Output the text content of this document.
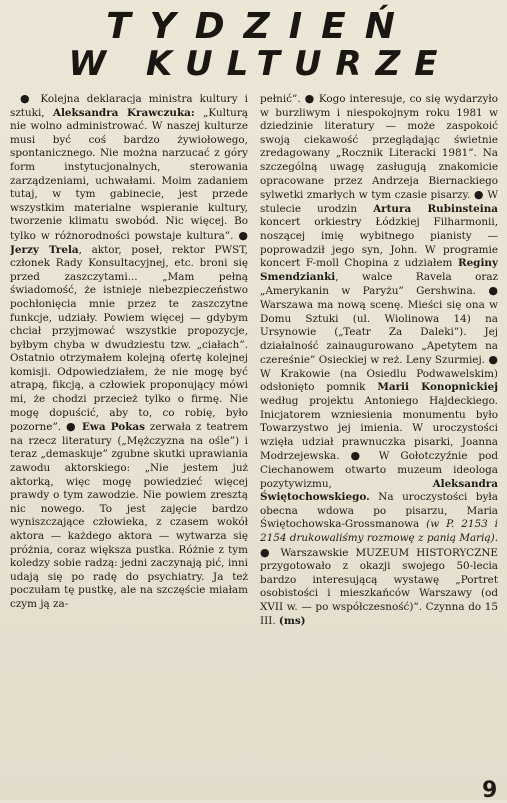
TYDZIEŃ
W KULTURZE

● Kolejna deklaracja ministra kultury i sztuki, Aleksandra Krawczuka: „Kulturą nie wolno administrować. W naszej kulturze musi być coś bardzo żywiołowego, spontanicznego. Nie można narzucać z góry form instytucjonalnych, sterowania zarządzeniami, uchwałami. Moim zadaniem tutaj, w tym gabinecie, jest przede wszystkim materialne wspieranie kultury, tworzenie klimatu swobód. Nic więcej. Bo tylko w różnorodności powstaje kultura”. ● Jerzy Trela, aktor, poseł, rektor PWST, członek Rady Konsultacyjnej, etc. broni się przed zaszczytami... „Mam pełną świadomość, że istnieje niebezpieczeństwo pochłonięcia mnie przez te zaszczytne funkcje, udziały. Powiem więcej — gdybym chciał przyjmować wszystkie propozycje, byłbym chyba w dwudziestu tzw. „ciałach”. Ostatnio otrzymałem kolejną ofertę kolejnej komisji. Odpowiedziałem, że nie mogę być atrapą, fikcją, a człowiek proponujący mówi mi, że chodzi przecież tylko o firmę. Nie mogę dopuścić, aby to, co robię, było pozorne”. ● Ewa Pokas zerwała z teatrem na rzecz literatury („Mężczyzna na ośle”) i teraz „demaskuje” zgubne skutki uprawiania zawodu aktorskiego: „Nie jestem już aktorką, więc mogę powiedzieć więcej prawdy o tym zawodzie. Nie powiem zresztą nic nowego. To jest zajęcie bardzo wyniszczające człowieka, z czasem wokół aktora — każdego aktora — wytwarza się próżnia, coraz większa pustka. Różnie z tym koledzy sobie radzą: jedni zaczynają pić, inni udają się po radę do psychiatry. Ja też poczułam tę pustkę, ale na szczęście miałam czym ją za-

pełnić”. ● Kogo interesuje, co się wydarzyło w burzliwym i niespokojnym roku 1981 w dziedzinie literatury — może zaspokoić swoją ciekawość przeglądając świetnie zredagowany „Rocznik Literacki 1981”. Na szczególną uwagę zasługują znakomicie opracowane przez Andrzeja Biernackiego sylwetki zmarłych w tym czasie pisarzy. ● W stulecie urodzin Artura Rubinsteina koncert orkiestry Łódzkiej Filharmonii, noszącej imię wybitnego pianisty — poprowadził jego syn, John. W programie koncert F-moll Chopina z udziałem Reginy Smendzianki, walce Ravela oraz „Amerykanin w Paryżu” Gershwina. ● Warszawa ma nową scenę. Mieści się ona w Domu Sztuki (ul. Wiolinowa 14) na Ursynowie („Teatr Za Daleki”). Jej działalność zainaugurowano „Apetytem na czereśnie” Osieckiej w reż. Leny Szurmiej. ● W Krakowie (na Osiedlu Podwawelskim) odsłonięto pomnik Marii Konopnickiej według projektu Antoniego Hajdeckiego. Inicjatorem wzniesienia monumentu było Towarzystwo jej imienia. W uroczystości wzięła udział prawnuczka pisarki, Joanna Modrzejewska. ● W Gołotczyźnie pod Ciechanowem otwarto muzeum ideologa pozytywizmu, Aleksandra Świętochowskiego. Na uroczystości była obecna wdowa po pisarzu, Maria Świętochowska-Grossmanowa (w P. 2153 i 2154 drukowaliśmy rozmowę z panią Marią). ● Warszawskie MUZEUM HISTORYCZNE przygotowało z okazji swojego 50-lecia bardzo interesującą wystawę „Portret osobistości i mieszkańców Warszawy (od XVII w. — po współczesność)”. Czynna do 15 III. (ms)

9
